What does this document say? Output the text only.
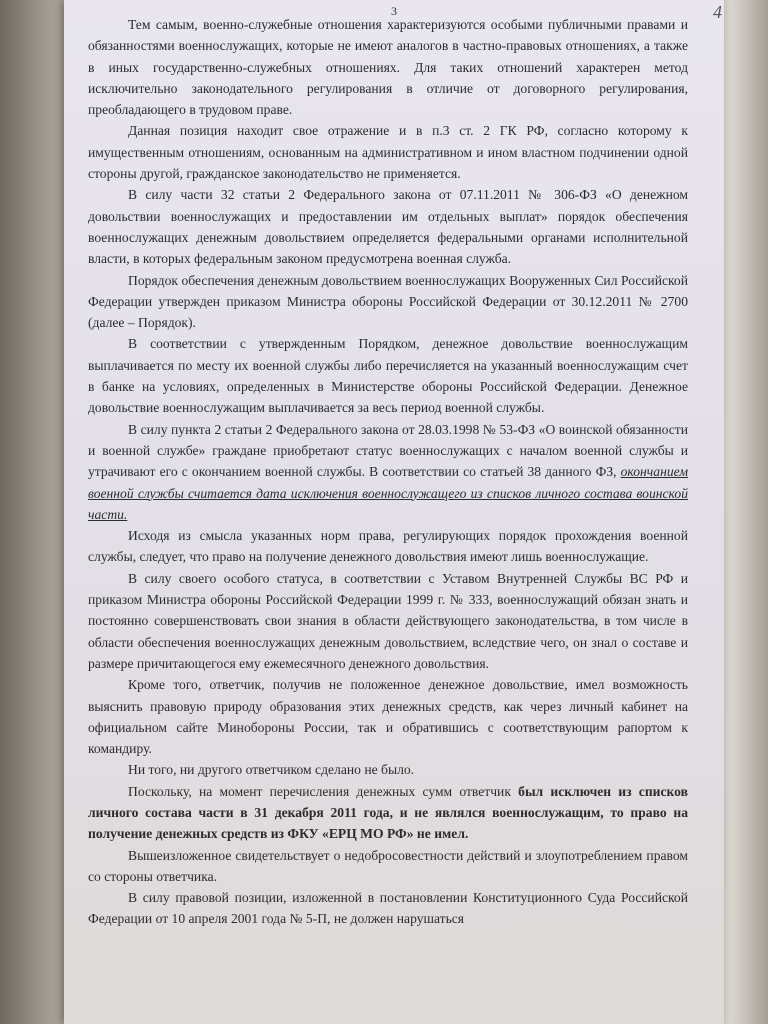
3	4

Тем самым, военно-служебные отношения характеризуются особыми публичными правами и обязанностями военнослужащих, которые не имеют аналогов в частно-правовых отношениях, а также в иных государственно-служебных отношениях. Для таких отношений характерен метод исключительно законодательного регулирования в отличие от договорного регулирования, преобладающего в трудовом праве.

Данная позиция находит свое отражение и в п.3 ст. 2 ГК РФ, согласно которому к имущественным отношениям, основанным на административном и ином властном подчинении одной стороны другой, гражданское законодательство не применяется.

В силу части 32 статьи 2 Федерального закона от 07.11.2011 № 306-ФЗ «О денежном довольствии военнослужащих и предоставлении им отдельных выплат» порядок обеспечения военнослужащих денежным довольствием определяется федеральными органами исполнительной власти, в которых федеральным законом предусмотрена военная служба.

Порядок обеспечения денежным довольствием военнослужащих Вооруженных Сил Российской Федерации утвержден приказом Министра обороны Российской Федерации от 30.12.2011 № 2700 (далее – Порядок).

В соответствии с утвержденным Порядком, денежное довольствие военнослужащим выплачивается по месту их военной службы либо перечисляется на указанный военнослужащим счет в банке на условиях, определенных в Министерстве обороны Российской Федерации. Денежное довольствие военнослужащим выплачивается за весь период военной службы.

В силу пункта 2 статьи 2 Федерального закона от 28.03.1998 № 53-ФЗ «О воинской обязанности и военной службе» граждане приобретают статус военнослужащих с началом военной службы и утрачивают его с окончанием военной службы. В соответствии со статьей 38 данного ФЗ, окончанием военной службы считается дата исключения военнослужащего из списков личного состава воинской части.

Исходя из смысла указанных норм права, регулирующих порядок прохождения военной службы, следует, что право на получение денежного довольствия имеют лишь военнослужащие.

В силу своего особого статуса, в соответствии с Уставом Внутренней Службы ВС РФ и приказом Министра обороны Российской Федерации 1999 г. № 333, военнослужащий обязан знать и постоянно совершенствовать свои знания в области действующего законодательства, в том числе в области обеспечения военнослужащих денежным довольствием, вследствие чего, он знал о составе и размере причитающегося ему ежемесячного денежного довольствия.

Кроме того, ответчик, получив не положенное денежное довольствие, имел возможность выяснить правовую природу образования этих денежных средств, как через личный кабинет на официальном сайте Минобороны России, так и обратившись с соответствующим рапортом к командиру.

Ни того, ни другого ответчиком сделано не было.

Поскольку, на момент перечисления денежных сумм ответчик был исключен из списков личного состава части в 31 декабря 2011 года, и не являлся военнослужащим, то право на получение денежных средств из ФКУ «ЕРЦ МО РФ» не имел.

Вышеизложенное свидетельствует о недобросовестности действий и злоупотреблением правом со стороны ответчика.

В силу правовой позиции, изложенной в постановлении Конституционного Суда Российской Федерации от 10 апреля 2001 года № 5-П, не должен нарушаться
